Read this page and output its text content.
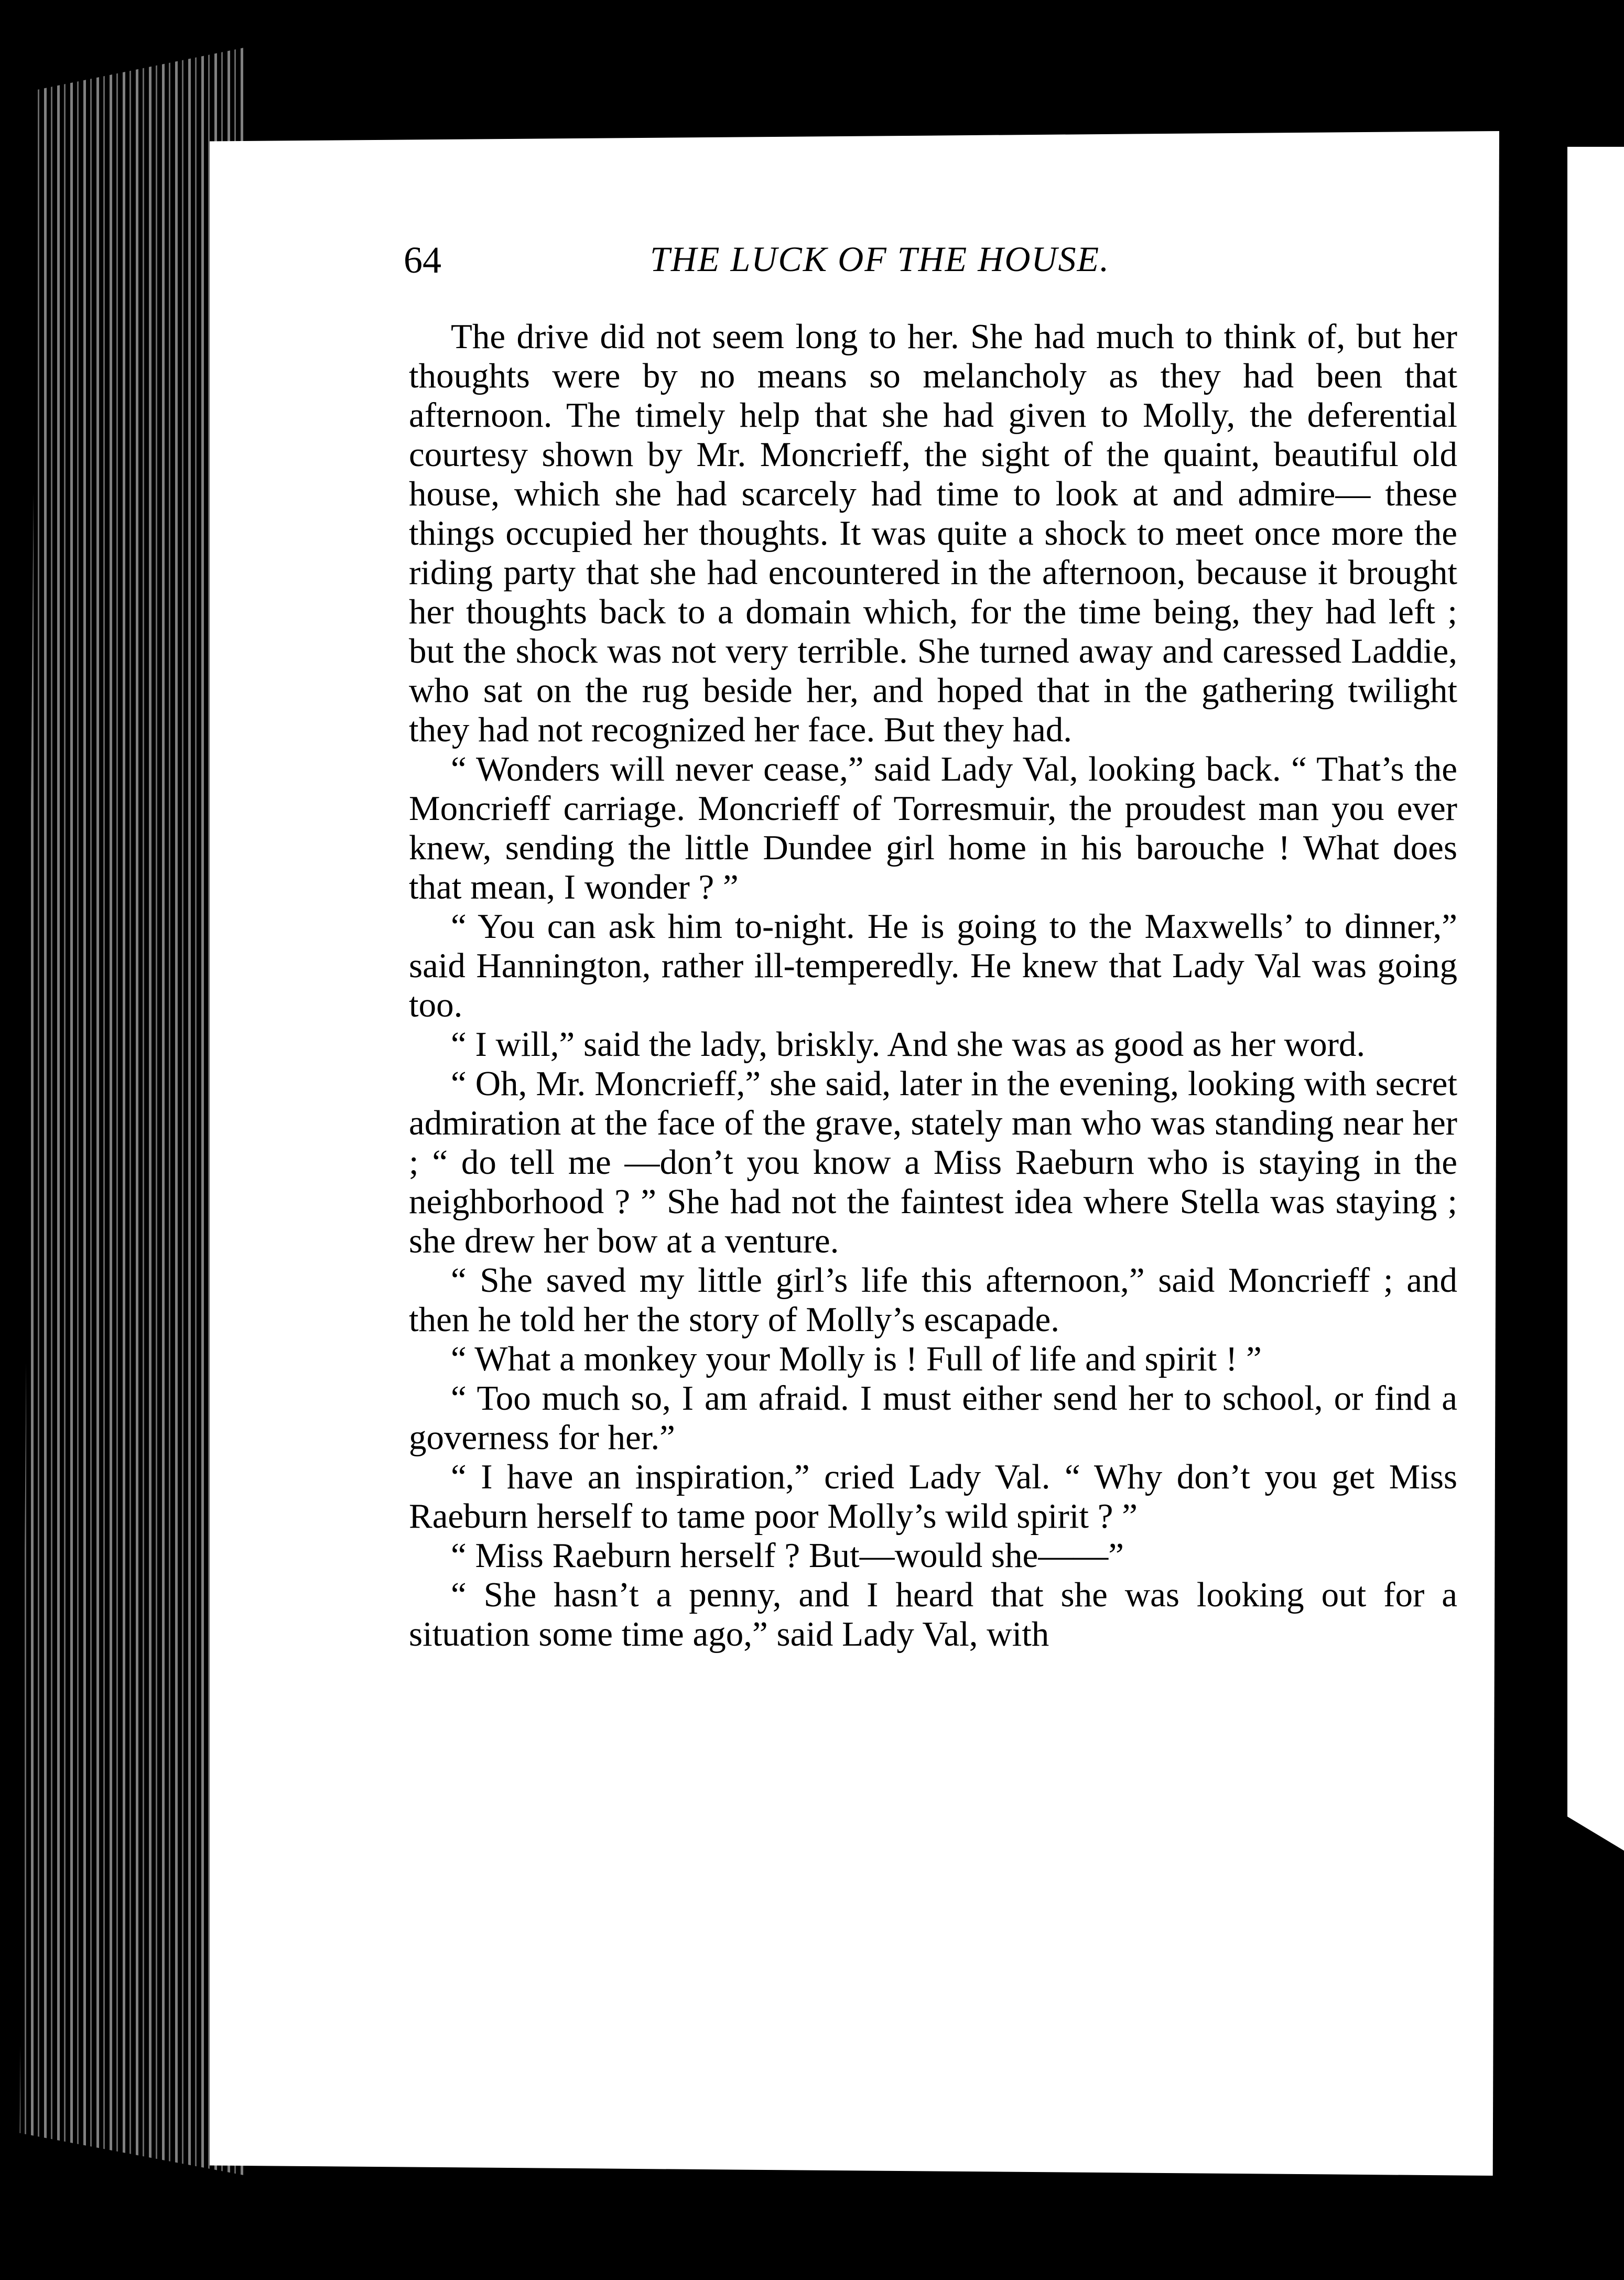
64	THE LUCK OF THE HOUSE.

The drive did not seem long to her. She had much to think of, but her thoughts were by no means so melancholy as they had been that afternoon. The timely help that she had given to Molly, the deferential courtesy shown by Mr. Moncrieff, the sight of the quaint, beautiful old house, which she had scarcely had time to look at and admire— these things occupied her thoughts. It was quite a shock to meet once more the riding party that she had encountered in the afternoon, because it brought her thoughts back to a domain which, for the time being, they had left ; but the shock was not very terrible. She turned away and caressed Laddie, who sat on the rug beside her, and hoped that in the gathering twilight they had not recognized her face. But they had.

“ Wonders will never cease,” said Lady Val, looking back. “ That’s the Moncrieff carriage. Moncrieff of Torresmuir, the proudest man you ever knew, sending the little Dundee girl home in his barouche ! What does that mean, I wonder ? ”

“ You can ask him to-night. He is going to the Maxwells’ to dinner,” said Hannington, rather ill-temperedly. He knew that Lady Val was going too.

“ I will,” said the lady, briskly. And she was as good as her word.

“ Oh, Mr. Moncrieff,” she said, later in the evening, looking with secret admiration at the face of the grave, stately man who was standing near her ; “ do tell me —don’t you know a Miss Raeburn who is staying in the neighborhood ? ” She had not the faintest idea where Stella was staying ; she drew her bow at a venture.

“ She saved my little girl’s life this afternoon,” said Moncrieff ; and then he told her the story of Molly’s escapade.

“ What a monkey your Molly is ! Full of life and spirit ! ”

“ Too much so, I am afraid. I must either send her to school, or find a governess for her.”

“ I have an inspiration,” cried Lady Val. “ Why don’t you get Miss Raeburn herself to tame poor Molly’s wild spirit ? ”

“ Miss Raeburn herself ? But—would she——”

“ She hasn’t a penny, and I heard that she was looking out for a situation some time ago,” said Lady Val, with
